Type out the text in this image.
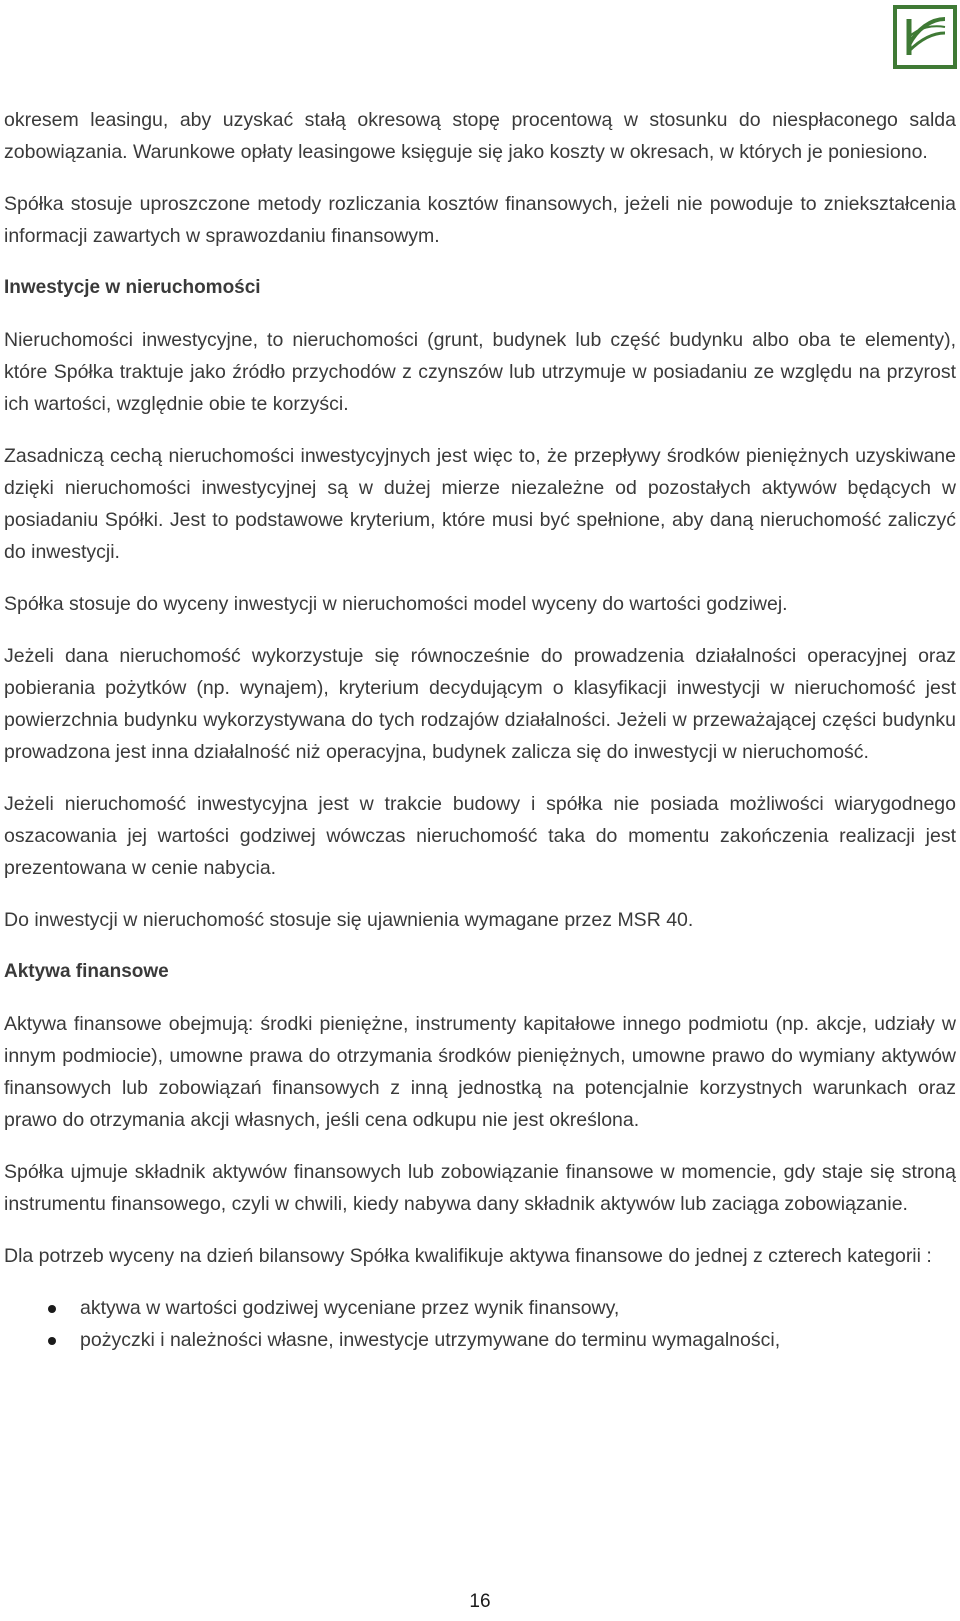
okresem leasingu, aby uzyskać stałą okresową stopę procentową w stosunku do niespłaconego salda zobowiązania. Warunkowe opłaty leasingowe księguje się jako koszty w okresach, w których je poniesiono.

Spółka stosuje uproszczone metody rozliczania kosztów finansowych, jeżeli nie powoduje to zniekształcenia informacji zawartych w sprawozdaniu finansowym.

Inwestycje w nieruchomości

Nieruchomości inwestycyjne, to nieruchomości (grunt, budynek lub część budynku albo oba te elementy), które Spółka traktuje jako źródło przychodów z czynszów lub utrzymuje w posiadaniu ze względu na przyrost ich wartości, względnie obie te korzyści.

Zasadniczą cechą nieruchomości inwestycyjnych jest więc to, że przepływy środków pieniężnych uzyskiwane dzięki nieruchomości inwestycyjnej są w dużej mierze niezależne od pozostałych aktywów będących w posiadaniu Spółki. Jest to podstawowe kryterium, które musi być spełnione, aby daną nieruchomość zaliczyć do inwestycji.

Spółka stosuje do wyceny inwestycji w nieruchomości model wyceny do wartości godziwej.

Jeżeli dana nieruchomość wykorzystuje się równocześnie do prowadzenia działalności operacyjnej oraz pobierania pożytków (np. wynajem), kryterium decydującym o klasyfikacji inwestycji w nieruchomość jest powierzchnia budynku wykorzystywana do tych rodzajów działalności. Jeżeli w przeważającej części budynku prowadzona jest inna działalność niż operacyjna, budynek zalicza się do inwestycji w nieruchomość.

Jeżeli nieruchomość inwestycyjna jest w trakcie budowy i spółka nie posiada możliwości wiarygodnego oszacowania jej wartości godziwej wówczas nieruchomość taka do momentu zakończenia realizacji jest prezentowana w cenie nabycia.

Do inwestycji w nieruchomość stosuje się ujawnienia wymagane przez MSR 40.

Aktywa finansowe

Aktywa finansowe obejmują: środki pieniężne, instrumenty kapitałowe innego podmiotu (np. akcje, udziały w innym podmiocie), umowne prawa do otrzymania środków pieniężnych, umowne prawo do wymiany aktywów finansowych lub zobowiązań finansowych z inną jednostką na potencjalnie korzystnych warunkach oraz prawo do otrzymania akcji własnych, jeśli cena odkupu nie jest określona.

Spółka ujmuje składnik aktywów finansowych lub zobowiązanie finansowe w momencie, gdy staje się stroną instrumentu finansowego, czyli w chwili, kiedy nabywa dany składnik aktywów lub zaciąga zobowiązanie.

Dla potrzeb wyceny na dzień bilansowy Spółka kwalifikuje aktywa finansowe do jednej z czterech kategorii :

aktywa w wartości godziwej wyceniane przez wynik finansowy,
pożyczki i należności własne, inwestycje utrzymywane do terminu wymagalności,
16
